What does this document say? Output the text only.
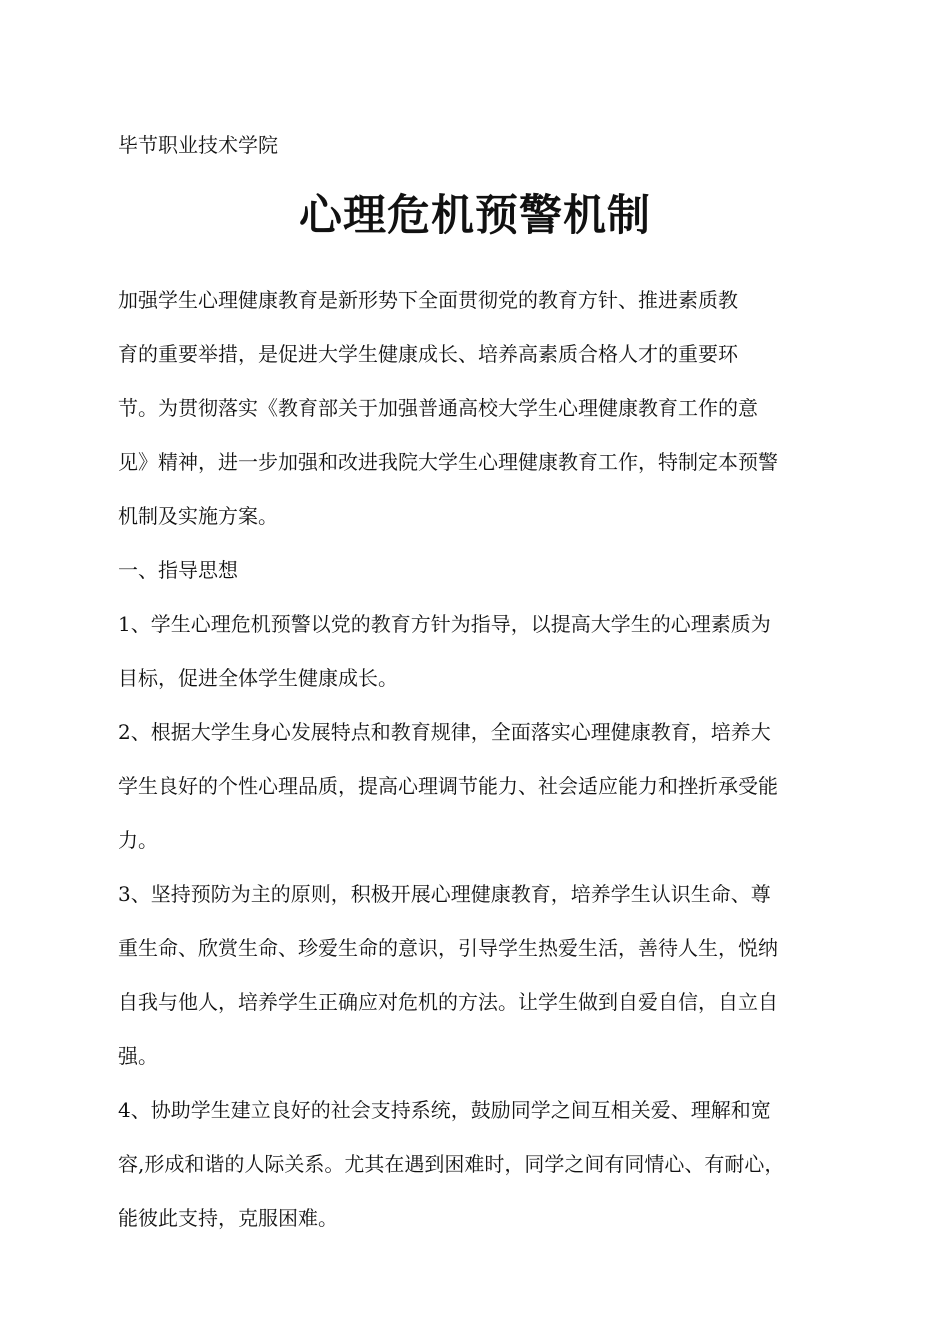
毕节职业技术学院
心理危机预警机制
加强学生心理健康教育是新形势下全面贯彻党的教育方针、推进素质教
育的重要举措，是促进大学生健康成长、培养高素质合格人才的重要环
节。为贯彻落实《教育部关于加强普通高校大学生心理健康教育工作的意
见》精神，进一步加强和改进我院大学生心理健康教育工作，特制定本预警
机制及实施方案。
一、指导思想
1、学生心理危机预警以党的教育方针为指导，以提高大学生的心理素质为
目标，促进全体学生健康成长。
2、根据大学生身心发展特点和教育规律，全面落实心理健康教育，培养大
学生良好的个性心理品质，提高心理调节能力、社会适应能力和挫折承受能
力。
3、坚持预防为主的原则，积极开展心理健康教育，培养学生认识生命、尊
重生命、欣赏生命、珍爱生命的意识，引导学生热爱生活，善待人生，悦纳
自我与他人，培养学生正确应对危机的方法。让学生做到自爱自信，自立自
强。
4、协助学生建立良好的社会支持系统，鼓励同学之间互相关爱、理解和宽
容,形成和谐的人际关系。尤其在遇到困难时，同学之间有同情心、有耐心，
能彼此支持，克服困难。
